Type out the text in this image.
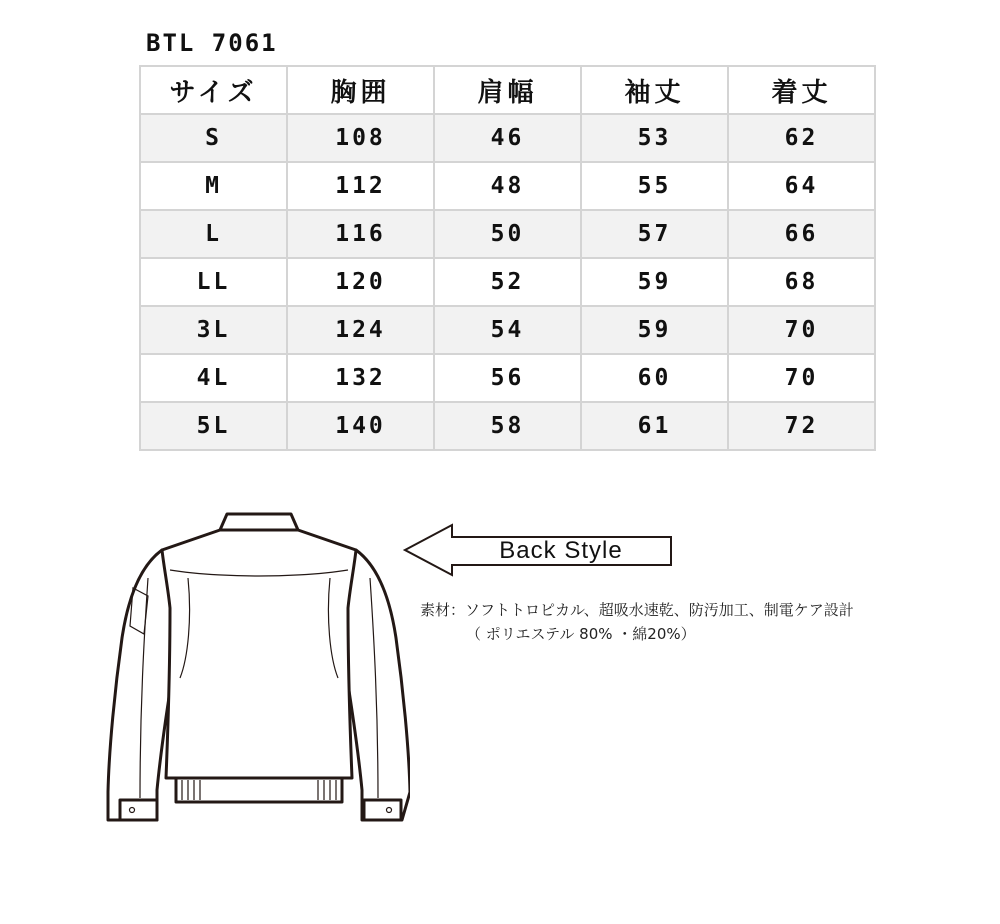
BTL 7061
サイズ	胸囲	肩幅	袖丈	着丈
S	108	46	53	62
M	112	48	55	64
L	116	50	57	66
LL	120	52	59	68
3L	124	54	59	70
4L	132	56	60	70
5L	140	58	61	72
Back Style
素材：ソフトトロピカル、超吸水速乾、防汚加工、制電ケア設計
（ ポリエステル 80% ・綿20%）
